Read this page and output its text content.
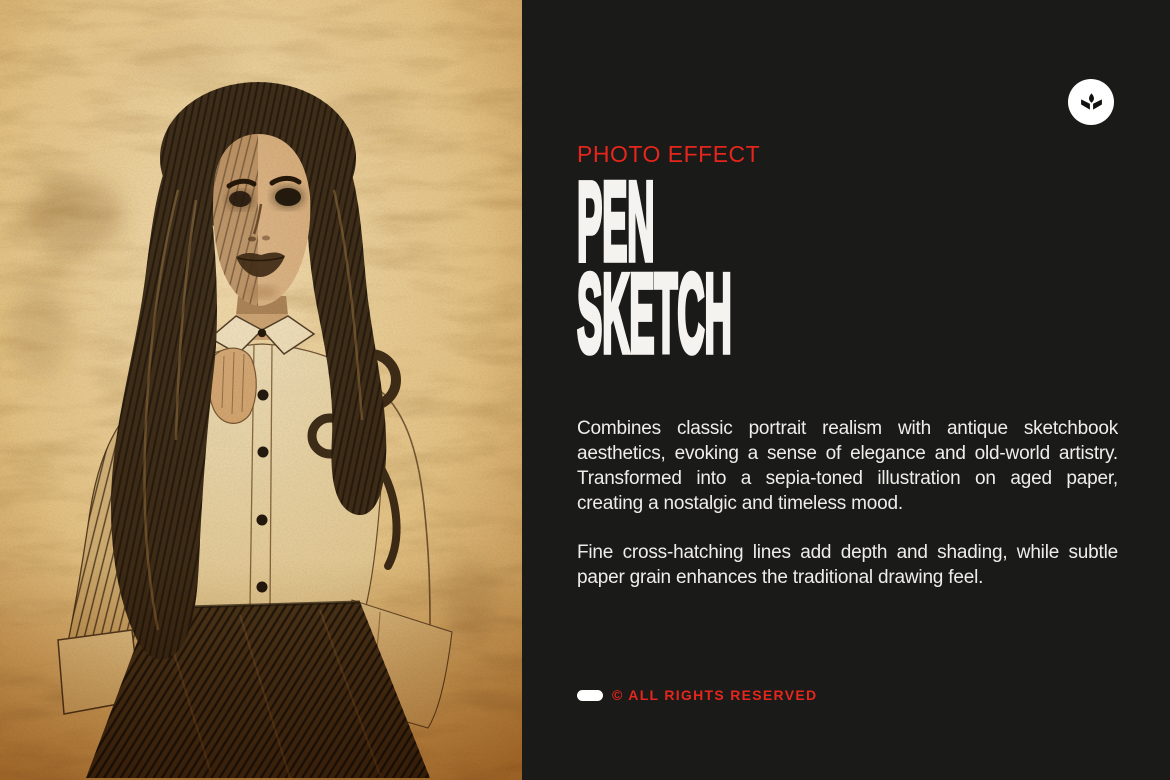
PHOTO EFFECT
PEN
SKETCH

Combines classic portrait realism with antique sketchbook aesthetics, evoking a sense of elegance and old-world artistry. Transformed into a sepia-toned illustration on aged paper, creating a nostalgic and timeless mood.

Fine cross-hatching lines add depth and shading, while subtle paper grain enhances the traditional drawing feel.

© ALL RIGHTS RESERVED
